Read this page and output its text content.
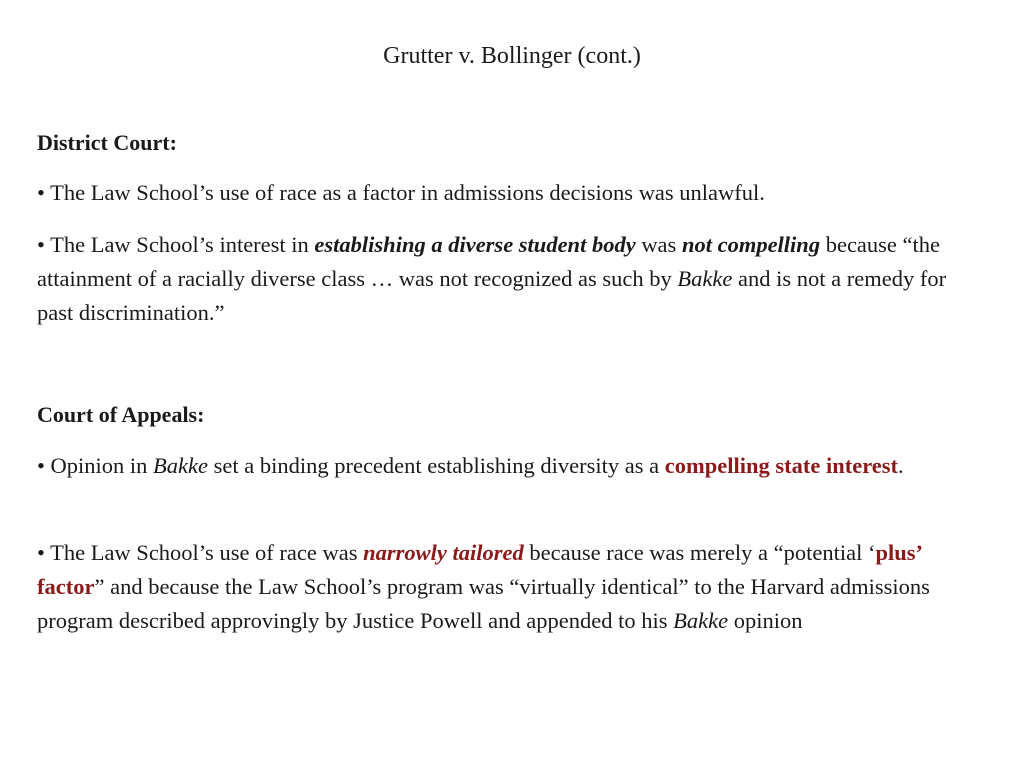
Grutter v. Bollinger (cont.)
District Court:
• The Law School’s use of race as a factor in admissions decisions was unlawful.
• The Law School’s interest in establishing a diverse student body was not compelling because “the attainment of a racially diverse class … was not recognized as such by Bakke and is not a remedy for past discrimination.”
Court of Appeals:
• Opinion in Bakke set a binding precedent establishing diversity as a compelling state interest.
• The Law School’s use of race was narrowly tailored because race was merely a “potential ‘plus’ factor” and because the Law School’s program was “virtually identical” to the Harvard admissions program described approvingly by Justice Powell and appended to his Bakke opinion
